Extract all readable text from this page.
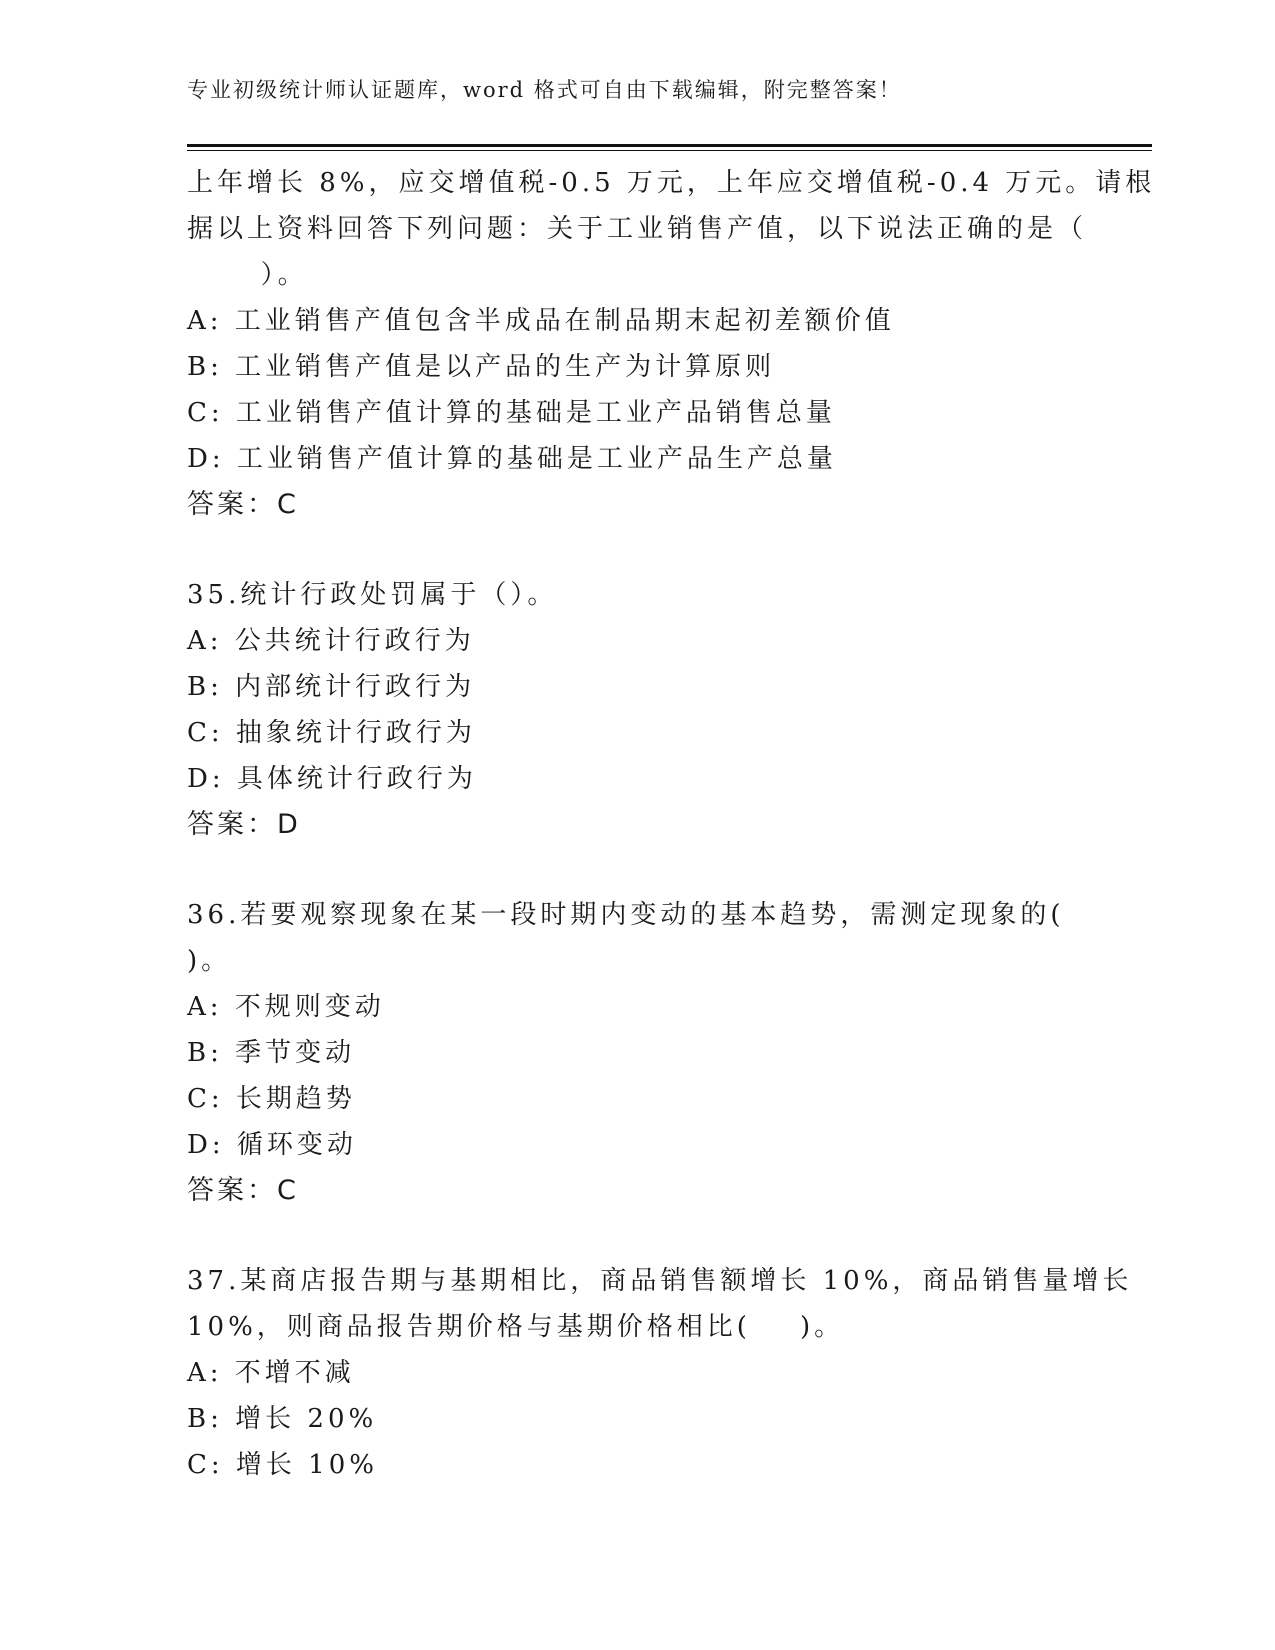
专业初级统计师认证题库，word 格式可自由下载编辑，附完整答案！
上年增长 8%，应交增值税-0.5 万元，上年应交增值税-0.4 万元。请根
据以上资料回答下列问题：关于工业销售产值，以下说法正确的是（
）。
A: 工业销售产值包含半成品在制品期末起初差额价值
B: 工业销售产值是以产品的生产为计算原则
C: 工业销售产值计算的基础是工业产品销售总量
D: 工业销售产值计算的基础是工业产品生产总量
答案：C
35.统计行政处罚属于（）。
A: 公共统计行政行为
B: 内部统计行政行为
C: 抽象统计行政行为
D: 具体统计行政行为
答案：D
36.若要观察现象在某一段时期内变动的基本趋势，需测定现象的(
)。
A: 不规则变动
B: 季节变动
C: 长期趋势
D: 循环变动
答案：C
37.某商店报告期与基期相比，商品销售额增长 10%，商品销售量增长
10%，则商品报告期价格与基期价格相比(    )。
A: 不增不减
B: 增长 20%
C: 增长 10%
